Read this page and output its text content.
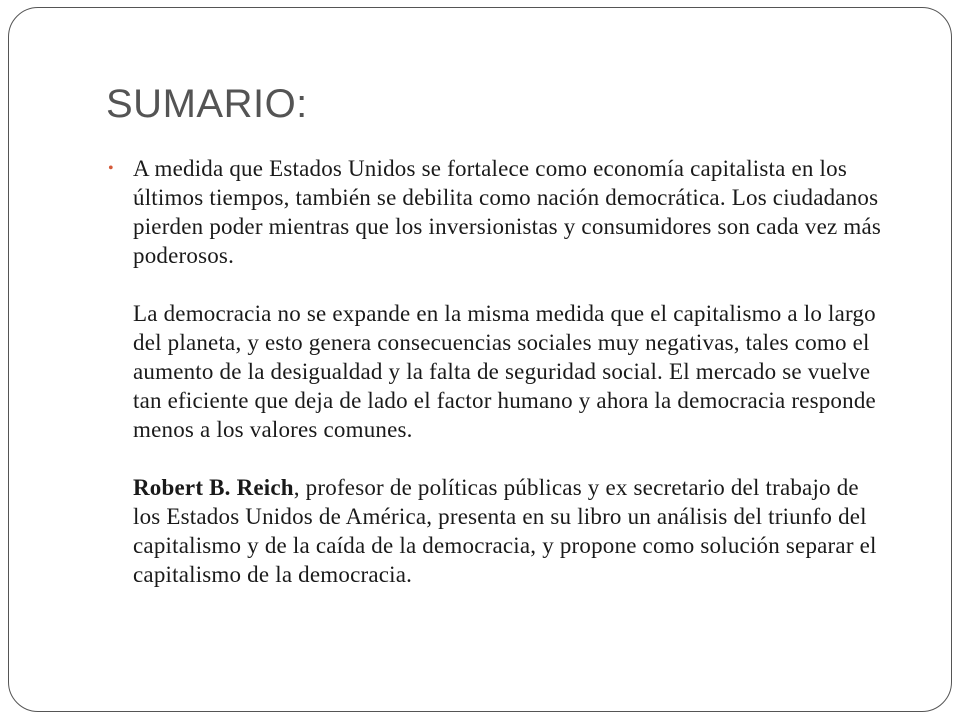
SUMARIO:
• A medida que Estados Unidos se fortalece como economía capitalista en los últimos tiempos, también se debilita como nación democrática. Los ciudadanos pierden poder mientras que los inversionistas y consumidores son cada vez más poderosos.
La democracia no se expande en la misma medida que el capitalismo a lo largo del planeta, y esto genera consecuencias sociales muy negativas, tales como el aumento de la desigualdad y la falta de seguridad social. El mercado se vuelve tan eficiente que deja de lado el factor humano y ahora la democracia responde menos a los valores comunes.
Robert B. Reich, profesor de políticas públicas y ex secretario del trabajo de los Estados Unidos de América, presenta en su libro un análisis del triunfo del capitalismo y de la caída de la democracia, y propone como solución separar el capitalismo de la democracia.
